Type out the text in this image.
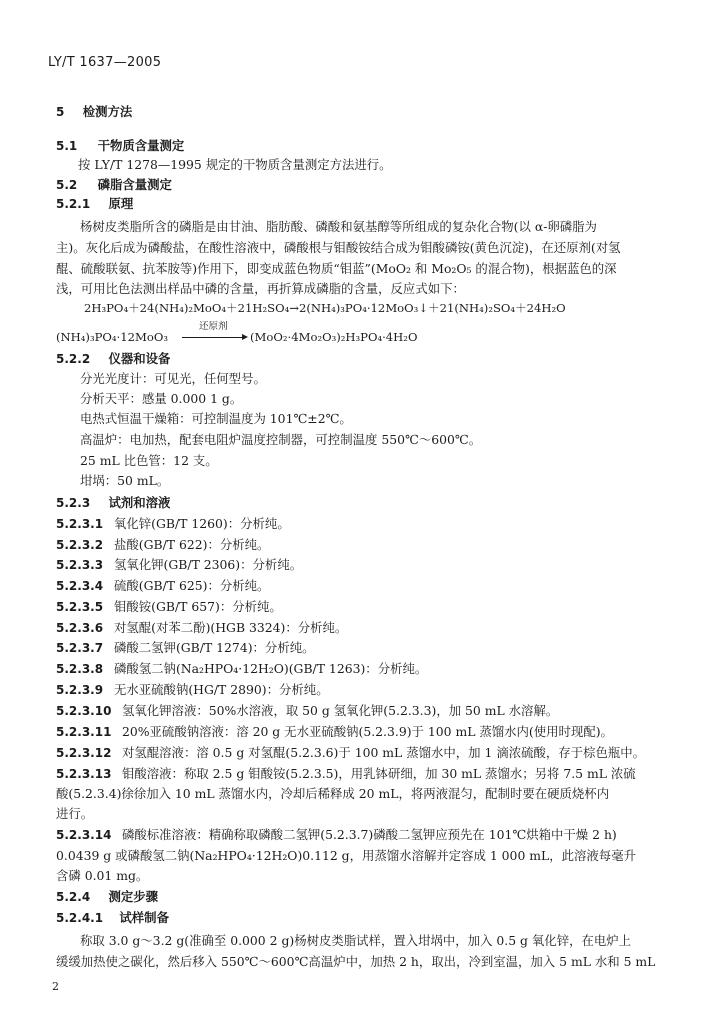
LY/T 1637—2005
5 检测方法
5.1 干物质含量测定
按 LY/T 1278—1995 规定的干物质含量测定方法进行。
5.2 磷脂含量测定
5.2.1 原理
杨树皮类脂所含的磷脂是由甘油、脂肪酸、磷酸和氨基醇等所组成的复杂化合物(以 α-卵磷脂为
主)。灰化后成为磷酸盐，在酸性溶液中，磷酸根与钼酸铵结合成为钼酸磷铵(黄色沉淀)，在还原剂(对氢
醌、硫酸联氨、抗苯胺等)作用下，即变成蓝色物质“钼蓝”(MoO₂ 和 Mo₂O₅ 的混合物)，根据蓝色的深
浅，可用比色法测出样品中磷的含量，再折算成磷脂的含量，反应式如下：
2H₃PO₄＋24(NH₄)₂MoO₄＋21H₂SO₄→2(NH₄)₃PO₄·12MoO₃↓＋21(NH₄)₂SO₄＋24H₂O
(NH₄)₃PO₄·12MoO₃
还原剂
(MoO₂·4Mo₂O₃)₂H₃PO₄·4H₂O
5.2.2 仪器和设备
分光光度计：可见光，任何型号。
分析天平：感量 0.000 1 g。
电热式恒温干燥箱：可控制温度为 101℃±2℃。
高温炉：电加热，配套电阻炉温度控制器，可控制温度 550℃～600℃。
25 mL 比色管：12 支。
坩埚：50 mL。
5.2.3 试剂和溶液
5.2.3.1 氧化锌(GB/T 1260)：分析纯。
5.2.3.2 盐酸(GB/T 622)：分析纯。
5.2.3.3 氢氧化钾(GB/T 2306)：分析纯。
5.2.3.4 硫酸(GB/T 625)：分析纯。
5.2.3.5 钼酸铵(GB/T 657)：分析纯。
5.2.3.6 对氢醌(对苯二酚)(HGB 3324)：分析纯。
5.2.3.7 磷酸二氢钾(GB/T 1274)：分析纯。
5.2.3.8 磷酸氢二钠(Na₂HPO₄·12H₂O)(GB/T 1263)：分析纯。
5.2.3.9 无水亚硫酸钠(HG/T 2890)：分析纯。
5.2.3.10 氢氧化钾溶液：50%水溶液，取 50 g 氢氧化钾(5.2.3.3)，加 50 mL 水溶解。
5.2.3.11 20%亚硫酸钠溶液：溶 20 g 无水亚硫酸钠(5.2.3.9)于 100 mL 蒸馏水内(使用时现配)。
5.2.3.12 对氢醌溶液：溶 0.5 g 对氢醌(5.2.3.6)于 100 mL 蒸馏水中，加 1 滴浓硫酸，存于棕色瓶中。
5.2.3.13 钼酸溶液：称取 2.5 g 钼酸铵(5.2.3.5)，用乳钵研细，加 30 mL 蒸馏水；另将 7.5 mL 浓硫
酸(5.2.3.4)徐徐加入 10 mL 蒸馏水内，冷却后稀释成 20 mL，将两液混匀，配制时要在硬质烧杯内
进行。
5.2.3.14 磷酸标准溶液：精确称取磷酸二氢钾(5.2.3.7)磷酸二氢钾应预先在 101℃烘箱中干燥 2 h)
0.0439 g 或磷酸氢二钠(Na₂HPO₄·12H₂O)0.112 g，用蒸馏水溶解并定容成 1 000 mL，此溶液每毫升
含磷 0.01 mg。
5.2.4 测定步骤
5.2.4.1 试样制备
称取 3.0 g～3.2 g(准确至 0.000 2 g)杨树皮类脂试样，置入坩埚中，加入 0.5 g 氧化锌，在电炉上
缓缓加热使之碳化，然后移入 550℃～600℃高温炉中，加热 2 h，取出，冷到室温，加入 5 mL 水和 5 mL
2
